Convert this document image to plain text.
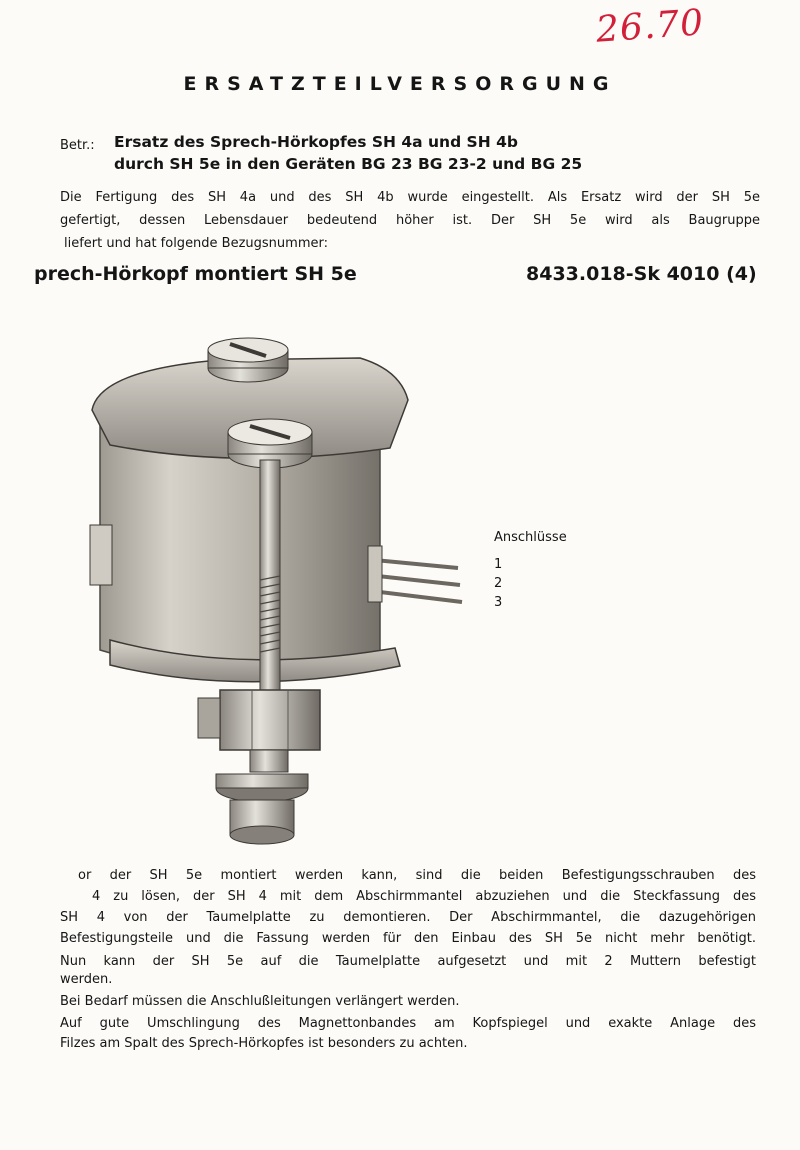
26.70
ERSATZTEILVERSORGUNG
Betr.: Ersatz des Sprech-Hörkopfes SH 4a und SH 4b
durch SH 5e in den Geräten BG 23 BG 23-2 und BG 25
Die Fertigung des SH 4a und des SH 4b wurde eingestellt. Als Ersatz wird der SH 5e
gefertigt, dessen Lebensdauer bedeutend höher ist. Der SH 5e wird als Baugruppe
liefert und hat folgende Bezugsnummer:
prech-Hörkopf montiert SH 5e	8433.018-Sk 4010 (4)
Anschlüsse
1
2
3
or der SH 5e montiert werden kann, sind die beiden Befestigungsschrauben des
4 zu lösen, der SH 4 mit dem Abschirmmantel abzuziehen und die Steckfassung des
SH 4 von der Taumelplatte zu demontieren. Der Abschirmmantel, die dazugehörigen
Befestigungsteile und die Fassung werden für den Einbau des SH 5e nicht mehr benötigt.
Nun kann der SH 5e auf die Taumelplatte aufgesetzt und mit 2 Muttern befestigt
werden.
Bei Bedarf müssen die Anschlußleitungen verlängert werden.
Auf gute Umschlingung des Magnettonbandes am Kopfspiegel und exakte Anlage des
Filzes am Spalt des Sprech-Hörkopfes ist besonders zu achten.
